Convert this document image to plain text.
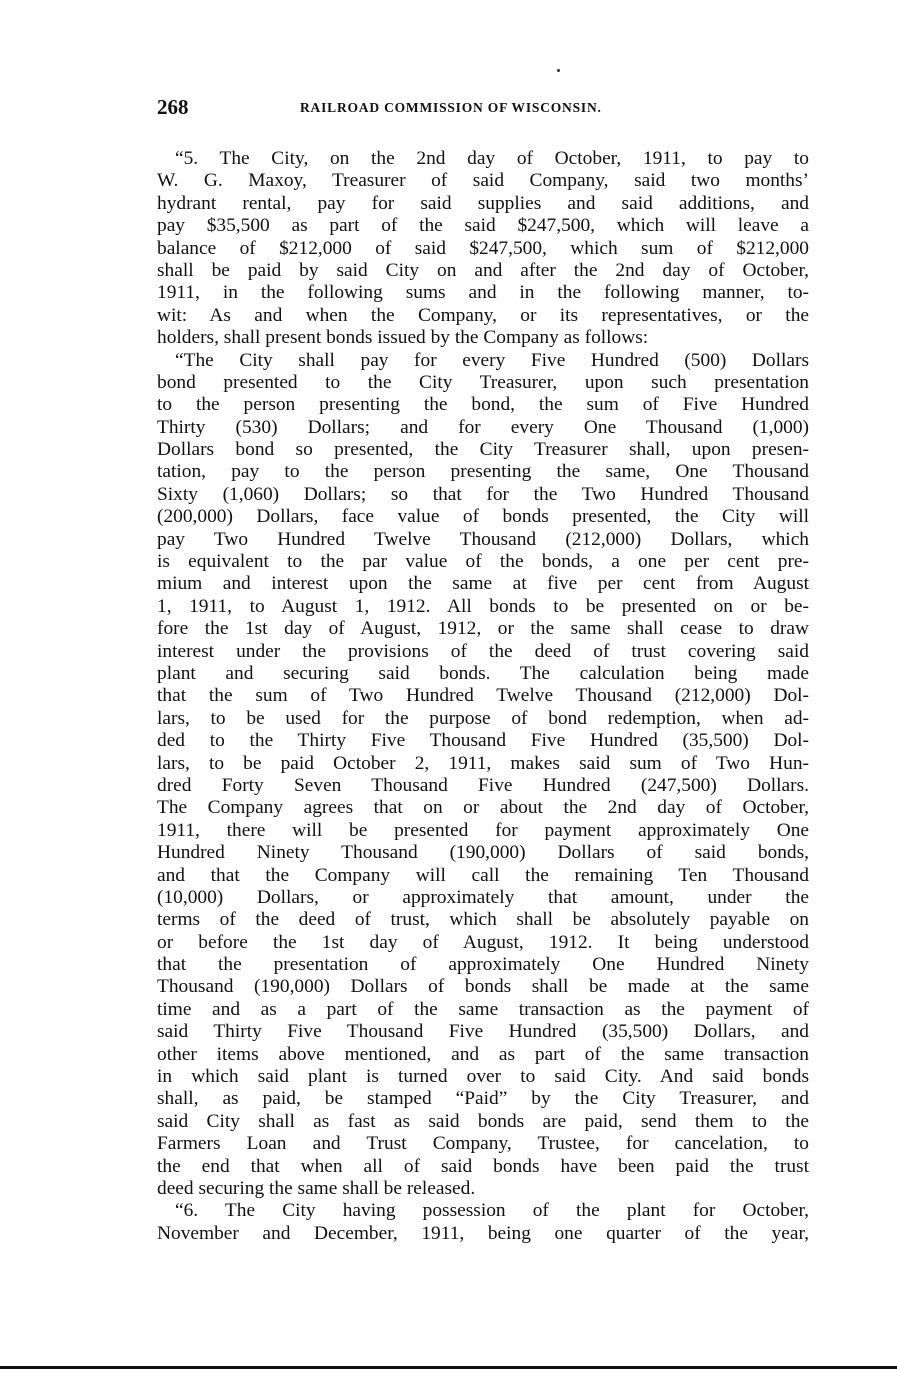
268	RAILROAD COMMISSION OF WISCONSIN.
“5. The City, on the 2nd day of October, 1911, to pay to
W. G. Maxoy, Treasurer of said Company, said two months’
hydrant rental, pay for said supplies and said additions, and
pay $35,500 as part of the said $247,500, which will leave a
balance of $212,000 of said $247,500, which sum of $212,000
shall be paid by said City on and after the 2nd day of October,
1911, in the following sums and in the following manner, to-
wit: As and when the Company, or its representatives, or the
holders, shall present bonds issued by the Company as follows:
“The City shall pay for every Five Hundred (500) Dollars
bond presented to the City Treasurer, upon such presentation
to the person presenting the bond, the sum of Five Hundred
Thirty (530) Dollars; and for every One Thousand (1,000)
Dollars bond so presented, the City Treasurer shall, upon presen-
tation, pay to the person presenting the same, One Thousand
Sixty (1,060) Dollars; so that for the Two Hundred Thousand
(200,000) Dollars, face value of bonds presented, the City will
pay Two Hundred Twelve Thousand (212,000) Dollars, which
is equivalent to the par value of the bonds, a one per cent pre-
mium and interest upon the same at five per cent from August
1, 1911, to August 1, 1912. All bonds to be presented on or be-
fore the 1st day of August, 1912, or the same shall cease to draw
interest under the provisions of the deed of trust covering said
plant and securing said bonds. The calculation being made
that the sum of Two Hundred Twelve Thousand (212,000) Dol-
lars, to be used for the purpose of bond redemption, when ad-
ded to the Thirty Five Thousand Five Hundred (35,500) Dol-
lars, to be paid October 2, 1911, makes said sum of Two Hun-
dred Forty Seven Thousand Five Hundred (247,500) Dollars.
The Company agrees that on or about the 2nd day of October,
1911, there will be presented for payment approximately One
Hundred Ninety Thousand (190,000) Dollars of said bonds,
and that the Company will call the remaining Ten Thousand
(10,000) Dollars, or approximately that amount, under the
terms of the deed of trust, which shall be absolutely payable on
or before the 1st day of August, 1912. It being understood
that the presentation of approximately One Hundred Ninety
Thousand (190,000) Dollars of bonds shall be made at the same
time and as a part of the same transaction as the payment of
said Thirty Five Thousand Five Hundred (35,500) Dollars, and
other items above mentioned, and as part of the same transaction
in which said plant is turned over to said City. And said bonds
shall, as paid, be stamped “Paid” by the City Treasurer, and
said City shall as fast as said bonds are paid, send them to the
Farmers Loan and Trust Company, Trustee, for cancelation, to
the end that when all of said bonds have been paid the trust
deed securing the same shall be released.
“6. The City having possession of the plant for October,
November and December, 1911, being one quarter of the year,
